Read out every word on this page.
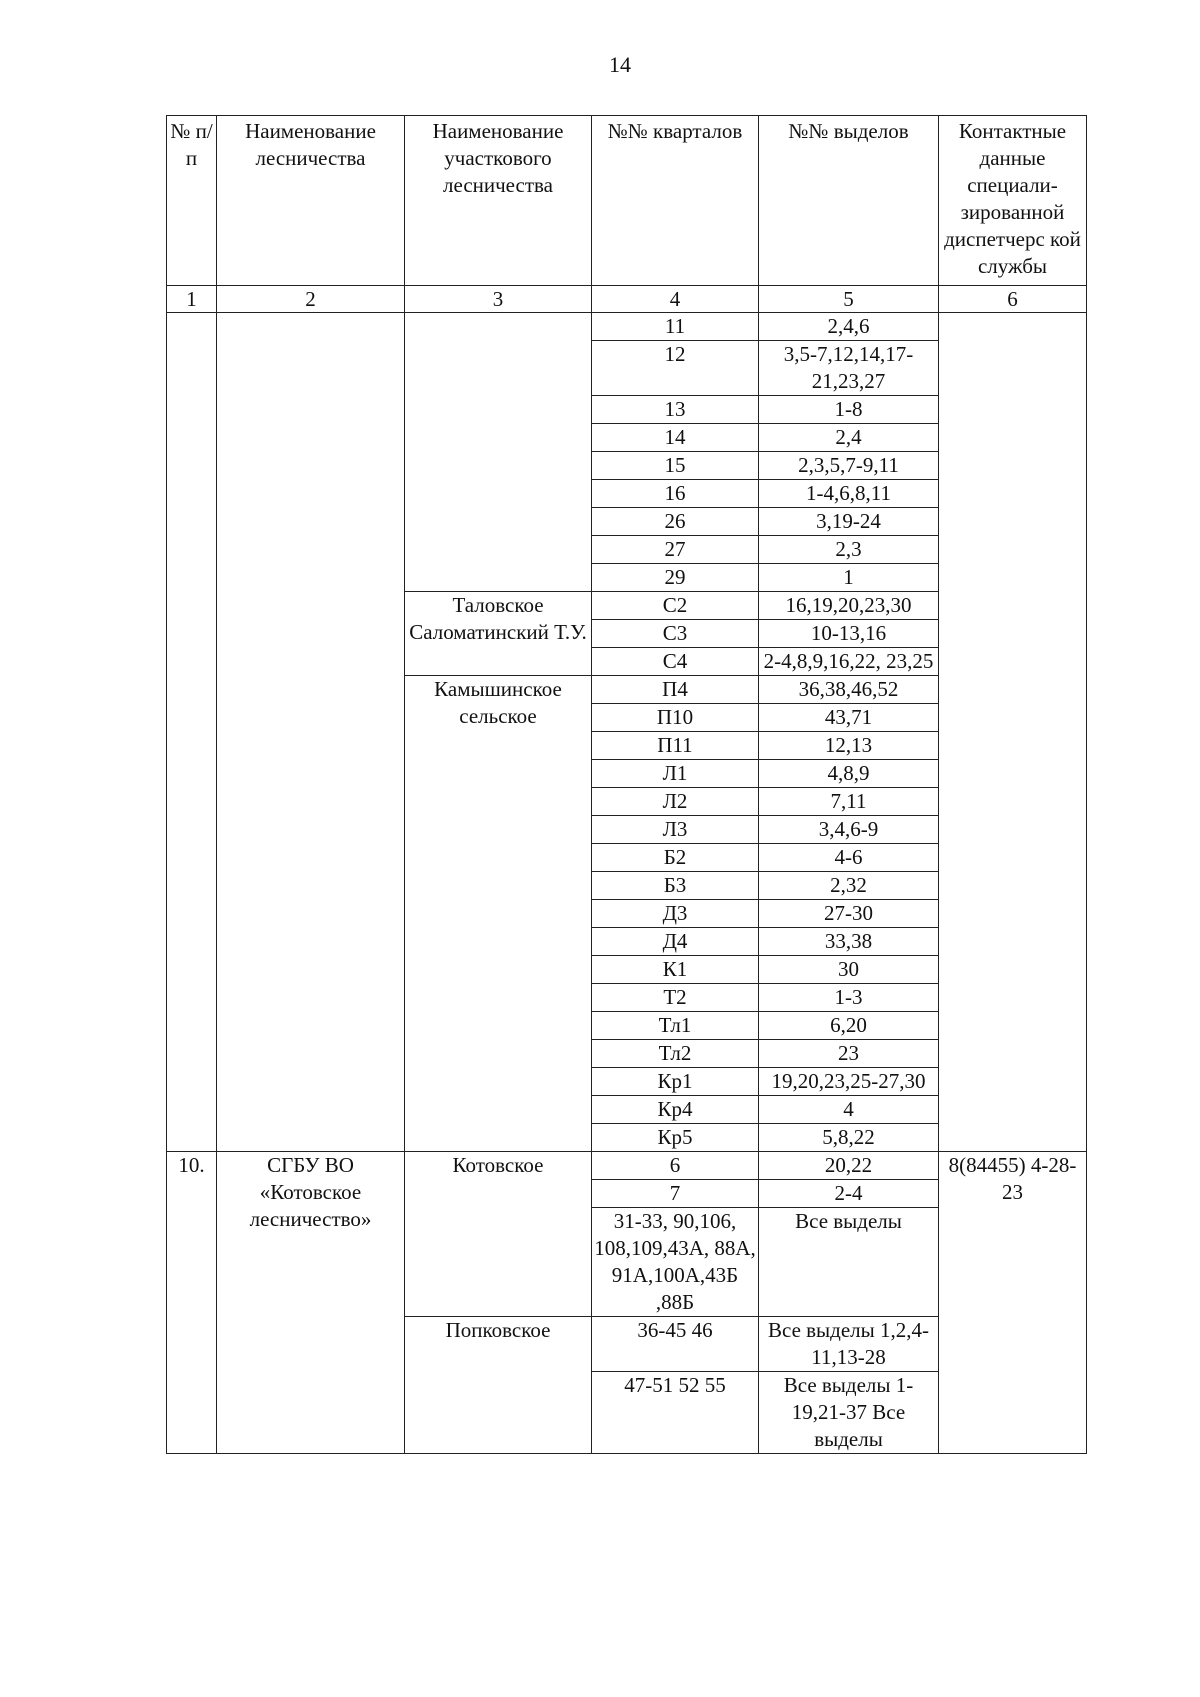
14
№ п/п	Наименование лесничества	Наименование участкового лесничества	№№ кварталов	№№ выделов	Контактные данные специали- зированной диспетчерс кой службы
1	2	3	4	5	6
			11	2,4,6	
			12	3,5-7,12,14,17-21,23,27	
			13	1-8	
			14	2,4	
			15	2,3,5,7-9,11	
			16	1-4,6,8,11	
			26	3,19-24	
			27	2,3	
			29	1	
		Таловское Саломатинский Т.У.	С2	16,19,20,23,30	
			С3	10-13,16	
			С4	2-4,8,9,16,22, 23,25	
		Камышинское сельское	П4	36,38,46,52	
			П10	43,71	
			П11	12,13	
			Л1	4,8,9	
			Л2	7,11	
			Л3	3,4,6-9	
			Б2	4-6	
			Б3	2,32	
			Д3	27-30	
			Д4	33,38	
			К1	30	
			Т2	1-3	
			Тл1	6,20	
			Тл2	23	
			Кр1	19,20,23,25-27,30	
			Кр4	4	
			Кр5	5,8,22	
10.	СГБУ ВО «Котовское лесничество»	Котовское	6	20,22	8(84455) 4-28-23
			7	2-4	
			31-33, 90,106, 108,109,43А, 88А, 91А,100А,43Б ,88Б	Все выделы	
		Попковское	36-45 46	Все выделы 1,2,4-11,13-28	
			47-51 52 55	Все выделы 1-19,21-37 Все выделы	
